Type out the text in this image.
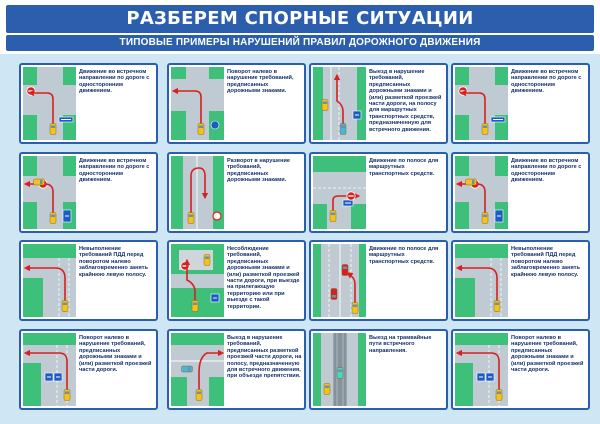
РАЗБЕРЕМ СПОРНЫЕ СИТУАЦИИ
ТИПОВЫЕ ПРИМЕРЫ НАРУШЕНИЙ ПРАВИЛ ДОРОЖНОГО ДВИЖЕНИЯ
Движение во встречном направлении по дороге с односторонним движением.
Поворот налево в нарушение требований, предписанных дорожными знаками.
Выезд в нарушение требований, предписанных дорожными знаками и (или) разметкой проезжей части дороги, на полосу для маршрутных транспортных средств, предназначенную для встречного движения.
Движение во встречном направлении по дороге с односторонним движением.
Движение во встречном направлении по дороге с односторонним движением.
Разворот в нарушение требований, предписанных дорожными знаками.
Движение по полосе для маршрутных транспортных средств.
Движение во встречном направлении по дороге с односторонним движением.
Невыполнение требований ПДД перед поворотом налево заблаговременно занять крайнюю левую полосу.
Несоблюдение требований, предписанных дорожными знаками и (или) разметкой проезжей части дороги, при выезде на прилегающую территорию или при выезде с такой территории.
Движение по полосе для маршрутных транспортных средств.
Невыполнение требований ПДД перед поворотом налево заблаговременно занять крайнюю левую полосу.
Поворот налево в нарушение требований, предписанных дорожными знаками и (или) разметкой проезжей части дороги.
Выезд в нарушение требований, предписанных разметкой проезжей части дороги, на полосу, предназначенную для встречного движения, при объезде препятствия.
Выезд на трамвайные пути встречного направления.
Поворот налево в нарушение требований, предписанных дорожными знаками и (или) разметкой проезжей части дороги.
